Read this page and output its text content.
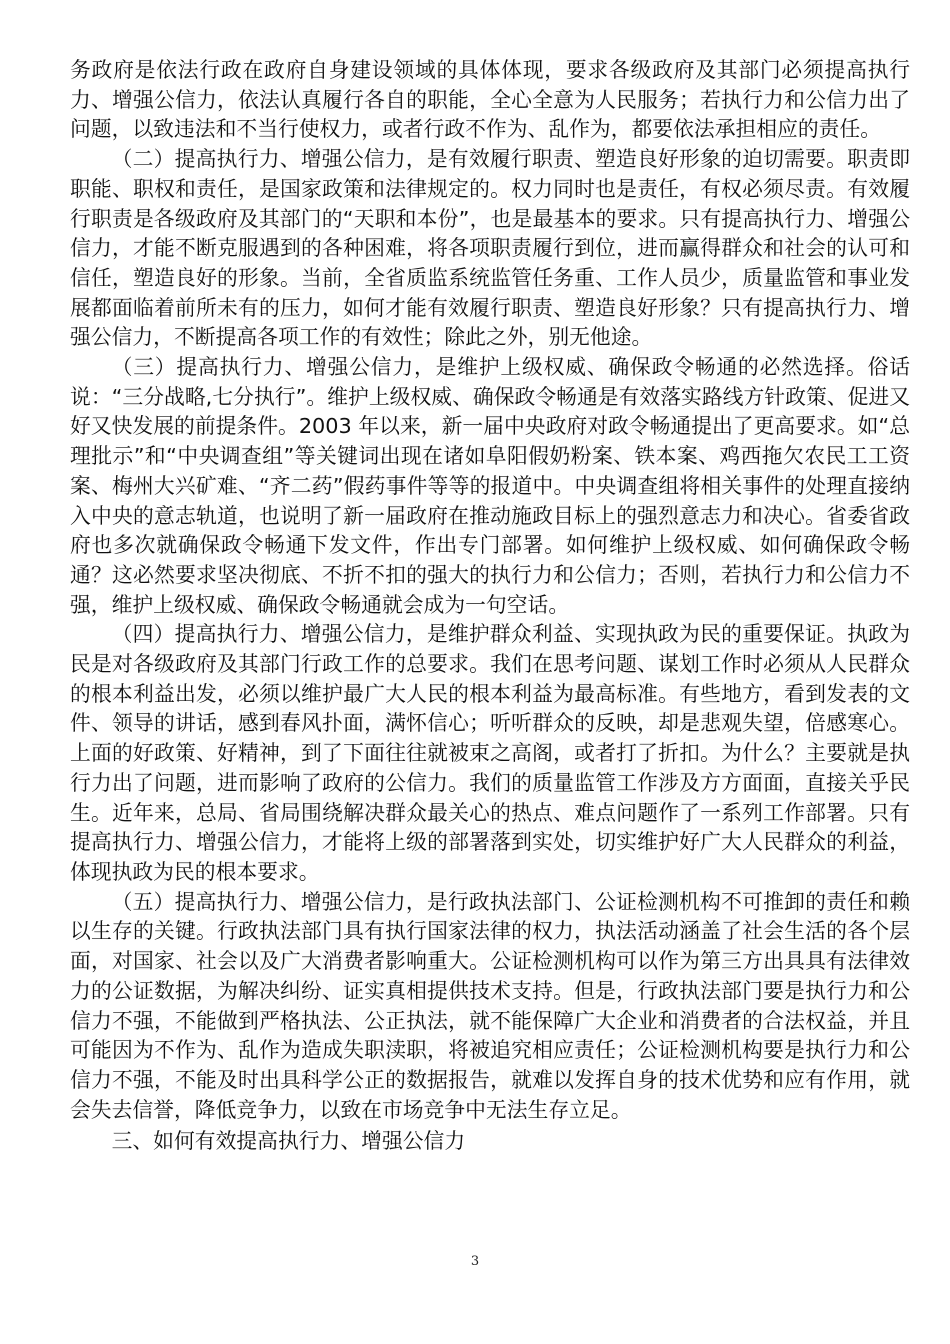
务政府是依法行政在政府自身建设领域的具体体现，要求各级政府及其部门必须提高执行力、增强公信力，依法认真履行各自的职能，全心全意为人民服务；若执行力和公信力出了问题，以致违法和不当行使权力，或者行政不作为、乱作为，都要依法承担相应的责任。

（二）提高执行力、增强公信力，是有效履行职责、塑造良好形象的迫切需要。职责即职能、职权和责任，是国家政策和法律规定的。权力同时也是责任，有权必须尽责。有效履行职责是各级政府及其部门的“天职和本份”，也是最基本的要求。只有提高执行力、增强公信力，才能不断克服遇到的各种困难，将各项职责履行到位，进而赢得群众和社会的认可和信任，塑造良好的形象。当前，全省质监系统监管任务重、工作人员少，质量监管和事业发展都面临着前所未有的压力，如何才能有效履行职责、塑造良好形象？只有提高执行力、增强公信力，不断提高各项工作的有效性；除此之外，别无他途。

（三）提高执行力、增强公信力，是维护上级权威、确保政令畅通的必然选择。俗话说：“三分战略,七分执行”。维护上级权威、确保政令畅通是有效落实路线方针政策、促进又好又快发展的前提条件。2003 年以来，新一届中央政府对政令畅通提出了更高要求。如“总理批示”和“中央调查组”等关键词出现在诸如阜阳假奶粉案、铁本案、鸡西拖欠农民工工资案、梅州大兴矿难、“齐二药”假药事件等等的报道中。中央调查组将相关事件的处理直接纳入中央的意志轨道，也说明了新一届政府在推动施政目标上的强烈意志力和决心。省委省政府也多次就确保政令畅通下发文件，作出专门部署。如何维护上级权威、如何确保政令畅通？这必然要求坚决彻底、不折不扣的强大的执行力和公信力；否则，若执行力和公信力不强，维护上级权威、确保政令畅通就会成为一句空话。

（四）提高执行力、增强公信力，是维护群众利益、实现执政为民的重要保证。执政为民是对各级政府及其部门行政工作的总要求。我们在思考问题、谋划工作时必须从人民群众的根本利益出发，必须以维护最广大人民的根本利益为最高标准。有些地方，看到发表的文件、领导的讲话，感到春风扑面，满怀信心；听听群众的反映，却是悲观失望，倍感寒心。上面的好政策、好精神，到了下面往往就被束之高阁，或者打了折扣。为什么？主要就是执行力出了问题，进而影响了政府的公信力。我们的质量监管工作涉及方方面面，直接关乎民生。近年来，总局、省局围绕解决群众最关心的热点、难点问题作了一系列工作部署。只有提高执行力、增强公信力，才能将上级的部署落到实处，切实维护好广大人民群众的利益，体现执政为民的根本要求。

（五）提高执行力、增强公信力，是行政执法部门、公证检测机构不可推卸的责任和赖以生存的关键。行政执法部门具有执行国家法律的权力，执法活动涵盖了社会生活的各个层面，对国家、社会以及广大消费者影响重大。公证检测机构可以作为第三方出具具有法律效力的公证数据，为解决纠纷、证实真相提供技术支持。但是，行政执法部门要是执行力和公信力不强，不能做到严格执法、公正执法，就不能保障广大企业和消费者的合法权益，并且可能因为不作为、乱作为造成失职渎职，将被追究相应责任；公证检测机构要是执行力和公信力不强，不能及时出具科学公正的数据报告，就难以发挥自身的技术优势和应有作用，就会失去信誉，降低竞争力，以致在市场竞争中无法生存立足。

三、如何有效提高执行力、增强公信力

3
